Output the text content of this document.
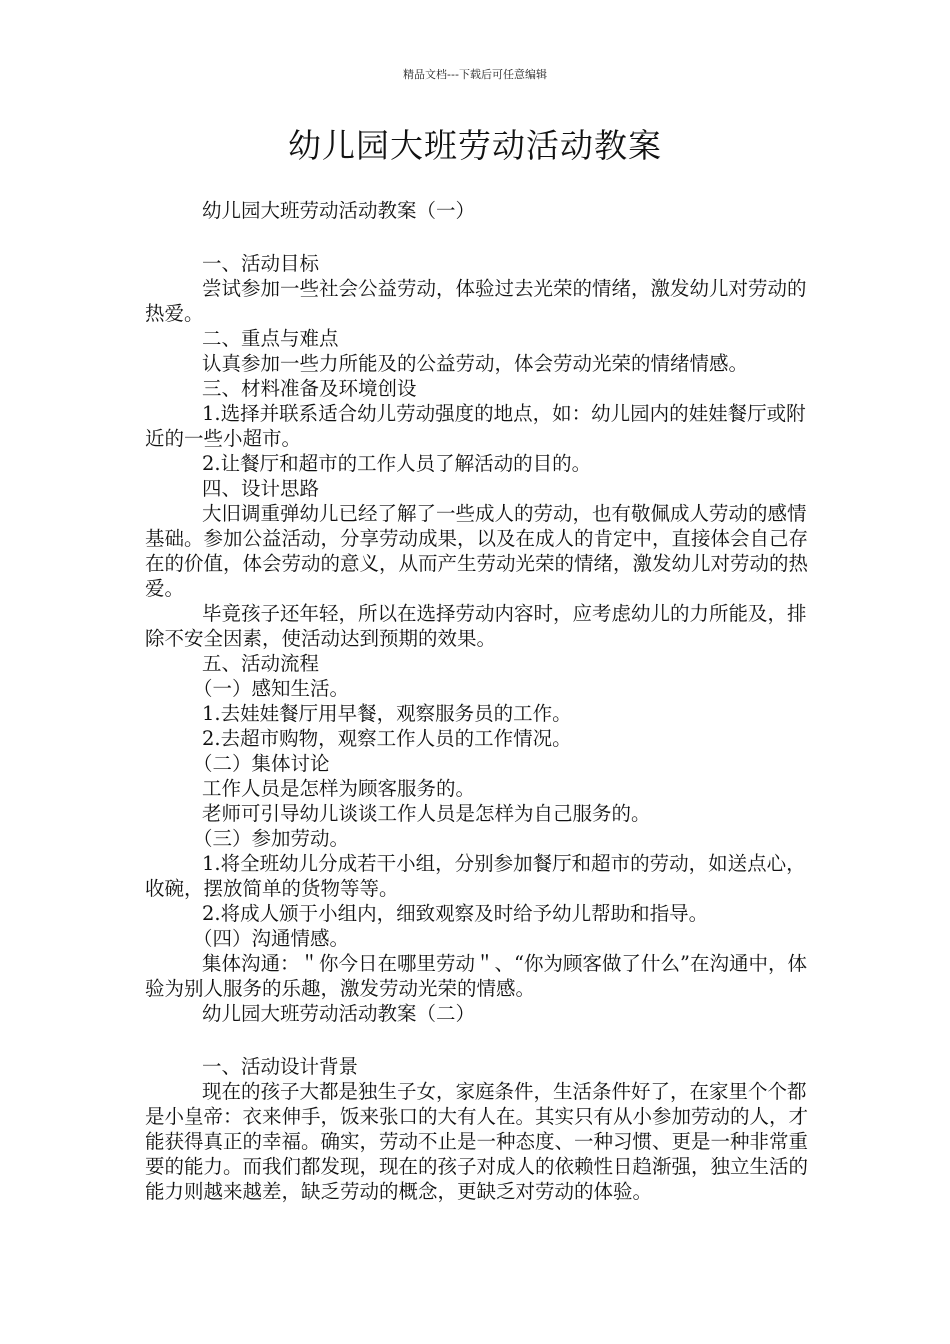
精品文档---下载后可任意编辑
幼儿园大班劳动活动教案

幼儿园大班劳动活动教案（一）

一、活动目标

尝试参加一些社会公益劳动，体验过去光荣的情绪，激发幼儿对劳动的热爱。

二、重点与难点

认真参加一些力所能及的公益劳动，体会劳动光荣的情绪情感。

三、材料准备及环境创设

1.选择并联系适合幼儿劳动强度的地点，如：幼儿园内的娃娃餐厅或附近的一些小超市。

2.让餐厅和超市的工作人员了解活动的目的。

四、设计思路

大旧调重弹幼儿已经了解了一些成人的劳动，也有敬佩成人劳动的感情基础。参加公益活动，分享劳动成果，以及在成人的肯定中，直接体会自己存在的价值，体会劳动的意义，从而产生劳动光荣的情绪，激发幼儿对劳动的热爱。

毕竟孩子还年轻，所以在选择劳动内容时，应考虑幼儿的力所能及，排除不安全因素，使活动达到预期的效果。

五、活动流程

（一）感知生活。

1.去娃娃餐厅用早餐，观察服务员的工作。

2.去超市购物，观察工作人员的工作情况。

（二）集体讨论

工作人员是怎样为顾客服务的。

老师可引导幼儿谈谈工作人员是怎样为自己服务的。

（三）参加劳动。

1.将全班幼儿分成若干小组，分别参加餐厅和超市的劳动，如送点心，收碗，摆放简单的货物等等。

2.将成人颁于小组内，细致观察及时给予幼儿帮助和指导。

（四）沟通情感。

集体沟通：＂你今日在哪里劳动＂、“你为顾客做了什么”在沟通中，体验为别人服务的乐趣，激发劳动光荣的情感。

幼儿园大班劳动活动教案（二）

一、活动设计背景

现在的孩子大都是独生子女，家庭条件，生活条件好了，在家里个个都是小皇帝：衣来伸手，饭来张口的大有人在。其实只有从小参加劳动的人，才能获得真正的幸福。确实，劳动不止是一种态度、一种习惯、更是一种非常重要的能力。而我们都发现，现在的孩子对成人的依赖性日趋渐强，独立生活的能力则越来越差，缺乏劳动的概念，更缺乏对劳动的体验。
